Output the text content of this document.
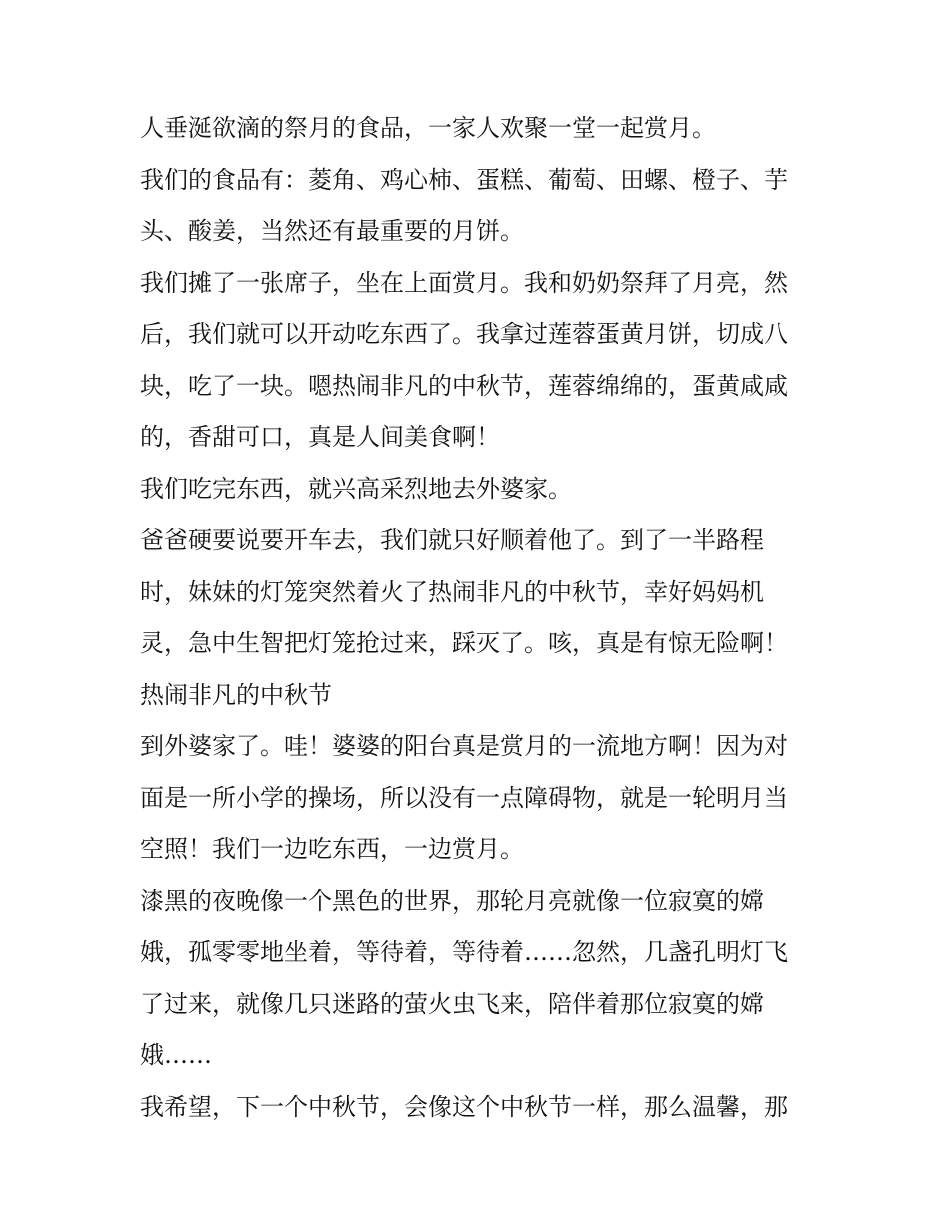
人垂涎欲滴的祭月的食品，一家人欢聚一堂一起赏月。
我们的食品有：菱角、鸡心柿、蛋糕、葡萄、田螺、橙子、芋
头、酸姜，当然还有最重要的月饼。
我们摊了一张席子，坐在上面赏月。我和奶奶祭拜了月亮，然
后，我们就可以开动吃东西了。我拿过莲蓉蛋黄月饼，切成八
块，吃了一块。嗯热闹非凡的中秋节，莲蓉绵绵的，蛋黄咸咸
的，香甜可口，真是人间美食啊！
我们吃完东西，就兴高采烈地去外婆家。
爸爸硬要说要开车去，我们就只好顺着他了。到了一半路程
时，妹妹的灯笼突然着火了热闹非凡的中秋节，幸好妈妈机
灵，急中生智把灯笼抢过来，踩灭了。咳，真是有惊无险啊！
热闹非凡的中秋节
到外婆家了。哇！婆婆的阳台真是赏月的一流地方啊！因为对
面是一所小学的操场，所以没有一点障碍物，就是一轮明月当
空照！我们一边吃东西，一边赏月。
漆黑的夜晚像一个黑色的世界，那轮月亮就像一位寂寞的嫦
娥，孤零零地坐着，等待着，等待着……忽然，几盏孔明灯飞
了过来，就像几只迷路的萤火虫飞来，陪伴着那位寂寞的嫦
娥……
我希望，下一个中秋节，会像这个中秋节一样，那么温馨，那
